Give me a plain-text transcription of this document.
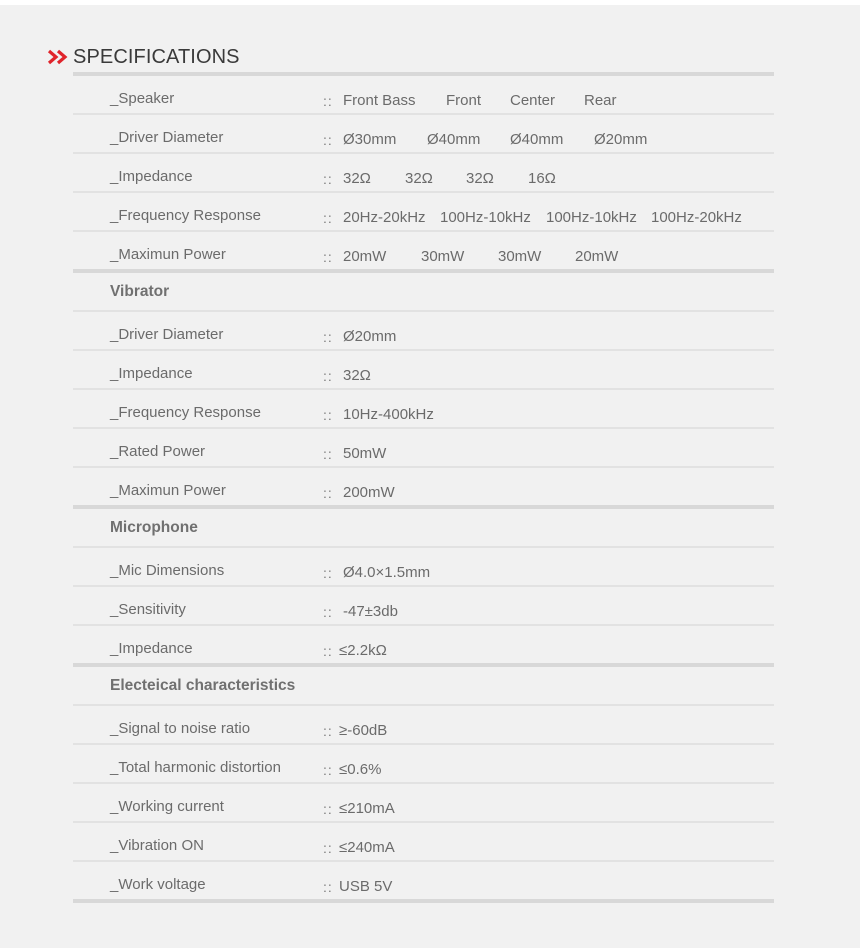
SPECIFICATIONS
_Speaker	:: Front Bass Front Center Rear
_Driver Diameter	:: Ø30mm Ø40mm Ø40mm Ø20mm
_Impedance	:: 32Ω 32Ω 32Ω 16Ω
_Frequency Response	:: 20Hz-20kHz 100Hz-10kHz 100Hz-10kHz 100Hz-20kHz
_Maximun Power	:: 20mW 30mW 30mW 20mW
Vibrator
_Driver Diameter	:: Ø20mm
_Impedance	:: 32Ω
_Frequency Response	:: 10Hz-400kHz
_Rated Power	:: 50mW
_Maximun Power	:: 200mW
Microphone
_Mic Dimensions	:: Ø4.0×1.5mm
_Sensitivity	:: -47±3db
_Impedance	:: ≤2.2kΩ
Electeical characteristics
_Signal to noise ratio	:: ≥-60dB
_Total harmonic distortion	:: ≤0.6%
_Working current	:: ≤210mA
_Vibration ON	:: ≤240mA
_Work voltage	:: USB 5V
